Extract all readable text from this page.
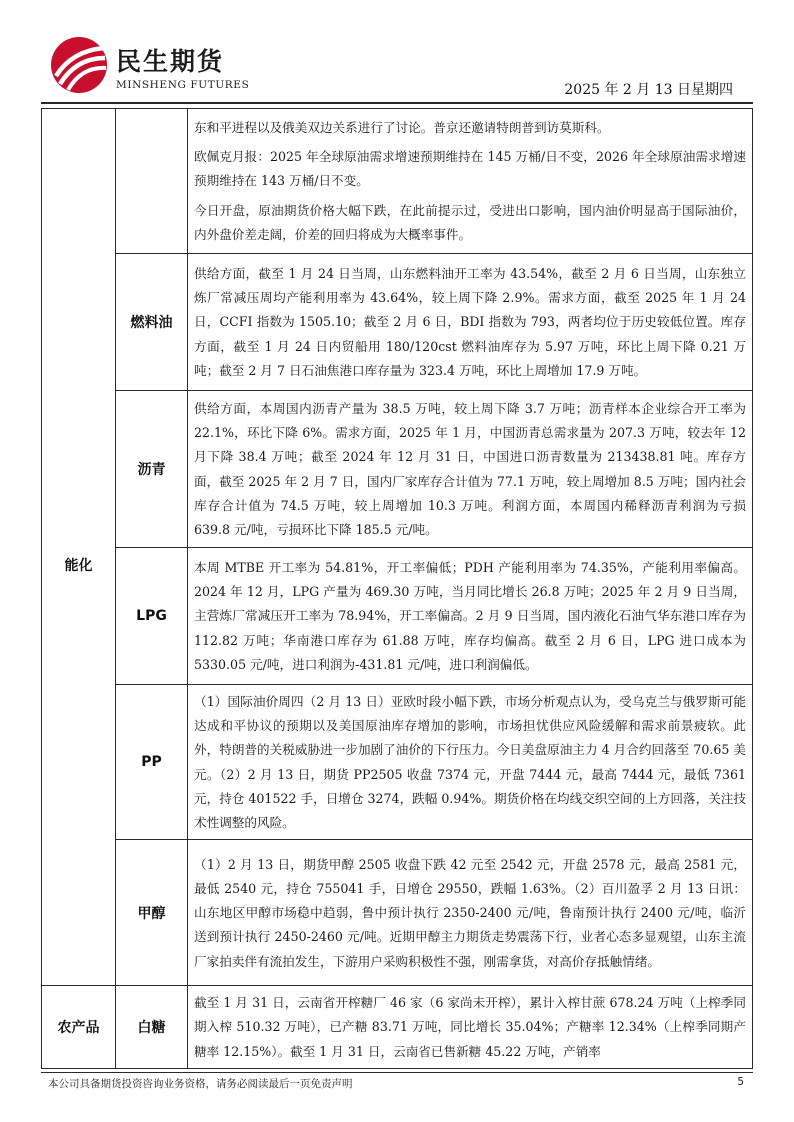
民生期货
MINSHENG FUTURES	2025 年 2 月 13 日星期四
能化		东和平进程以及俄美双边关系进行了讨论。普京还邀请特朗普到访莫斯科。

欧佩克月报：2025 年全球原油需求增速预期维持在 145 万桶/日不变，2026 年全球原油需求增速预期维持在 143 万桶/日不变。

今日开盘，原油期货价格大幅下跌，在此前提示过，受进出口影响，国内油价明显高于国际油价，内外盘价差走阔，价差的回归将成为大概率事件。

	燃料油	供给方面，截至 1 月 24 日当周，山东燃料油开工率为 43.54%，截至 2 月 6 日当周，山东独立炼厂常减压周均产能利用率为 43.64%，较上周下降 2.9%。需求方面，截至 2025 年 1 月 24 日，CCFI 指数为 1505.10；截至 2 月 6 日，BDI 指数为 793，两者均位于历史较低位置。库存方面，截至 1 月 24 日内贸船用 180/120cst 燃料油库存为 5.97 万吨，环比上周下降 0.21 万吨；截至 2 月 7 日石油焦港口库存量为 323.4 万吨，环比上周增加 17.9 万吨。

	沥青	供给方面，本周国内沥青产量为 38.5 万吨，较上周下降 3.7 万吨；沥青样本企业综合开工率为 22.1%，环比下降 6%。需求方面，2025 年 1 月，中国沥青总需求量为 207.3 万吨，较去年 12 月下降 38.4 万吨；截至 2024 年 12 月 31 日，中国进口沥青数量为 213438.81 吨。库存方面，截至 2025 年 2 月 7 日，国内厂家库存合计值为 77.1 万吨，较上周增加 8.5 万吨；国内社会库存合计值为 74.5 万吨，较上周增加 10.3 万吨。利润方面，本周国内稀释沥青利润为亏损 639.8 元/吨，亏损环比下降 185.5 元/吨。

	LPG	本周 MTBE 开工率为 54.81%，开工率偏低；PDH 产能利用率为 74.35%，产能利用率偏高。2024 年 12 月，LPG 产量为 469.30 万吨，当月同比增长 26.8 万吨；2025 年 2 月 9 日当周，主营炼厂常减压开工率为 78.94%，开工率偏高。2 月 9 日当周，国内液化石油气华东港口库存为 112.82 万吨；华南港口库存为 61.88 万吨，库存均偏高。截至 2 月 6 日，LPG 进口成本为 5330.05 元/吨，进口利润为-431.81 元/吨，进口利润偏低。

	PP	（1）国际油价周四（2 月 13 日）亚欧时段小幅下跌，市场分析观点认为，受乌克兰与俄罗斯可能达成和平协议的预期以及美国原油库存增加的影响，市场担忧供应风险缓解和需求前景疲软。此外，特朗普的关税威胁进一步加剧了油价的下行压力。今日美盘原油主力 4 月合约回落至 70.65 美元。（2）2 月 13 日，期货 PP2505 收盘 7374 元，开盘 7444 元，最高 7444 元，最低 7361 元，持仓 401522 手，日增仓 3274，跌幅 0.94%。期货价格在均线交织空间的上方回落，关注技术性调整的风险。

	甲醇	（1）2 月 13 日，期货甲醇 2505 收盘下跌 42 元至 2542 元，开盘 2578 元，最高 2581 元，最低 2540 元，持仓 755041 手，日增仓 29550，跌幅 1.63%。（2）百川盈孚 2 月 13 日讯：山东地区甲醇市场稳中趋弱，鲁中预计执行 2350-2400 元/吨，鲁南预计执行 2400 元/吨，临沂送到预计执行 2450-2460 元/吨。近期甲醇主力期货走势震荡下行，业者心态多显观望，山东主流厂家拍卖伴有流拍发生，下游用户采购积极性不强，刚需拿货，对高价存抵触情绪。

农产品	白糖	截至 1 月 31 日，云南省开榨糖厂 46 家（6 家尚未开榨），累计入榨甘蔗 678.24 万吨（上榨季同期入榨 510.32 万吨），已产糖 83.71 万吨，同比增长 35.04%；产糖率 12.34%（上榨季同期产糖率 12.15%）。截至 1 月 31 日，云南省已售新糖 45.22 万吨，产销率

本公司具备期货投资咨询业务资格，请务必阅读最后一页免责声明	5
